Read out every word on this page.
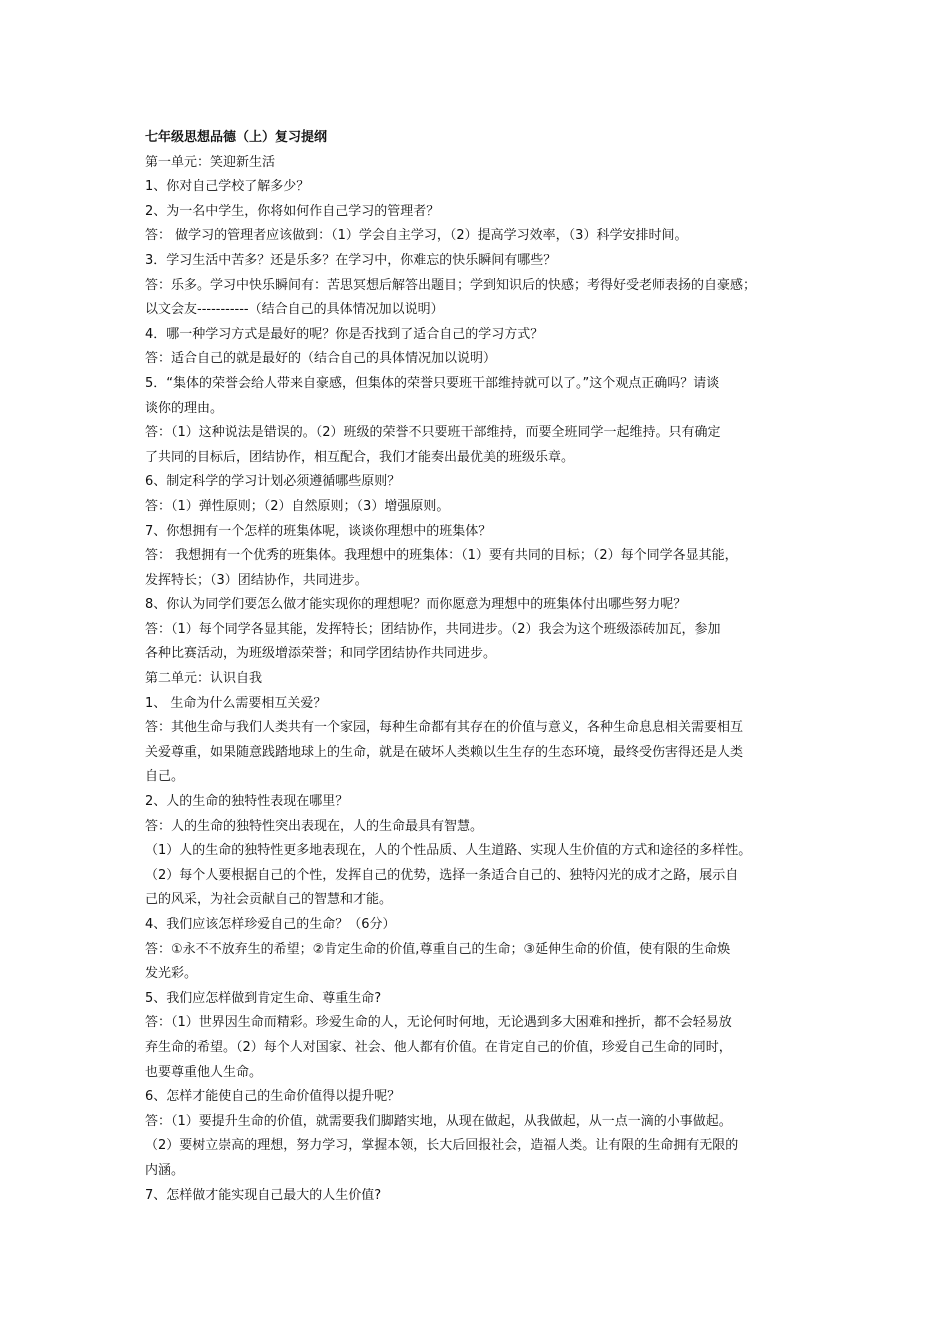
七年级思想品德（上）复习提纲
第一单元：笑迎新生活
1、你对自己学校了解多少？
2、为一名中学生，你将如何作自己学习的管理者？
答： 做学习的管理者应该做到：（1）学会自主学习，（2）提高学习效率，（3）科学安排时间。
3．学习生活中苦多？还是乐多？在学习中，你难忘的快乐瞬间有哪些？
答：乐多。学习中快乐瞬间有：苦思冥想后解答出题目；学到知识后的快感；考得好受老师表扬的自豪感；
以文会友-----------（结合自己的具体情况加以说明）
4．哪一种学习方式是最好的呢？你是否找到了适合自己的学习方式？
答：适合自己的就是最好的（结合自己的具体情况加以说明）
5．“集体的荣誉会给人带来自豪感，但集体的荣誉只要班干部维持就可以了。”这个观点正确吗？请谈
谈你的理由。
答：（1）这种说法是错误的。（2）班级的荣誉不只要班干部维持，而要全班同学一起维持。只有确定
了共同的目标后，团结协作，相互配合，我们才能奏出最优美的班级乐章。
6、制定科学的学习计划必须遵循哪些原则？
答：（1）弹性原则；（2）自然原则；（3）增强原则。
7、你想拥有一个怎样的班集体呢，谈谈你理想中的班集体？
答： 我想拥有一个优秀的班集体。我理想中的班集体：（1）要有共同的目标；（2）每个同学各显其能，
发挥特长；（3）团结协作，共同进步。
8、你认为同学们要怎么做才能实现你的理想呢？而你愿意为理想中的班集体付出哪些努力呢？
答：（1）每个同学各显其能，发挥特长；团结协作，共同进步。（2）我会为这个班级添砖加瓦，参加
各种比赛活动，为班级增添荣誉；和同学团结协作共同进步。
第二单元：认识自我
1、 生命为什么需要相互关爱？
答：其他生命与我们人类共有一个家园，每种生命都有其存在的价值与意义，各种生命息息相关需要相互
关爱尊重，如果随意践踏地球上的生命，就是在破坏人类赖以生生存的生态环境，最终受伤害得还是人类
自己。
2、人的生命的独特性表现在哪里？
答：人的生命的独特性突出表现在，人的生命最具有智慧。
（1）人的生命的独特性更多地表现在，人的个性品质、人生道路、实现人生价值的方式和途径的多样性。
（2）每个人要根据自己的个性，发挥自己的优势，选择一条适合自己的、独特闪光的成才之路，展示自
己的风采，为社会贡献自己的智慧和才能。
4、我们应该怎样珍爱自己的生命？（6分）
答：①永不不放弃生的希望；②肯定生命的价值,尊重自己的生命；③延伸生命的价值，使有限的生命焕
发光彩。
5、我们应怎样做到肯定生命、尊重生命?
答：（1）世界因生命而精彩。珍爱生命的人，无论何时何地，无论遇到多大困难和挫折，都不会轻易放
弃生命的希望。（2）每个人对国家、社会、他人都有价值。在肯定自己的价值，珍爱自己生命的同时，
也要尊重他人生命。
6、怎样才能使自己的生命价值得以提升呢？
答：（1）要提升生命的价值，就需要我们脚踏实地，从现在做起，从我做起，从一点一滴的小事做起。
（2）要树立崇高的理想，努力学习，掌握本领，长大后回报社会，造福人类。让有限的生命拥有无限的
内涵。
7、怎样做才能实现自己最大的人生价值?
